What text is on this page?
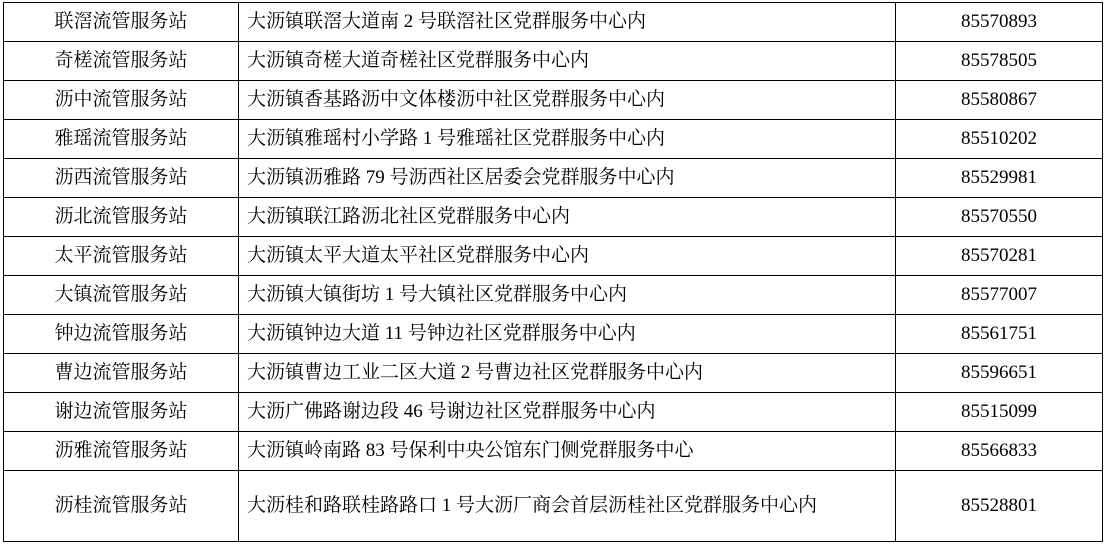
联滘流管服务站	大沥镇联滘大道南 2 号联滘社区党群服务中心内	85570893
奇槎流管服务站	大沥镇奇槎大道奇槎社区党群服务中心内	85578505
沥中流管服务站	大沥镇香基路沥中文体楼沥中社区党群服务中心内	85580867
雅瑶流管服务站	大沥镇雅瑶村小学路 1 号雅瑶社区党群服务中心内	85510202
沥西流管服务站	大沥镇沥雅路 79 号沥西社区居委会党群服务中心内	85529981
沥北流管服务站	大沥镇联江路沥北社区党群服务中心内	85570550
太平流管服务站	大沥镇太平大道太平社区党群服务中心内	85570281
大镇流管服务站	大沥镇大镇街坊 1 号大镇社区党群服务中心内	85577007
钟边流管服务站	大沥镇钟边大道 11 号钟边社区党群服务中心内	85561751
曹边流管服务站	大沥镇曹边工业二区大道 2 号曹边社区党群服务中心内	85596651
谢边流管服务站	大沥广佛路谢边段 46 号谢边社区党群服务中心内	85515099
沥雅流管服务站	大沥镇岭南路 83 号保利中央公馆东门侧党群服务中心	85566833
沥桂流管服务站	大沥桂和路联桂路路口 1 号大沥厂商会首层沥桂社区党群服务中心内	85528801
